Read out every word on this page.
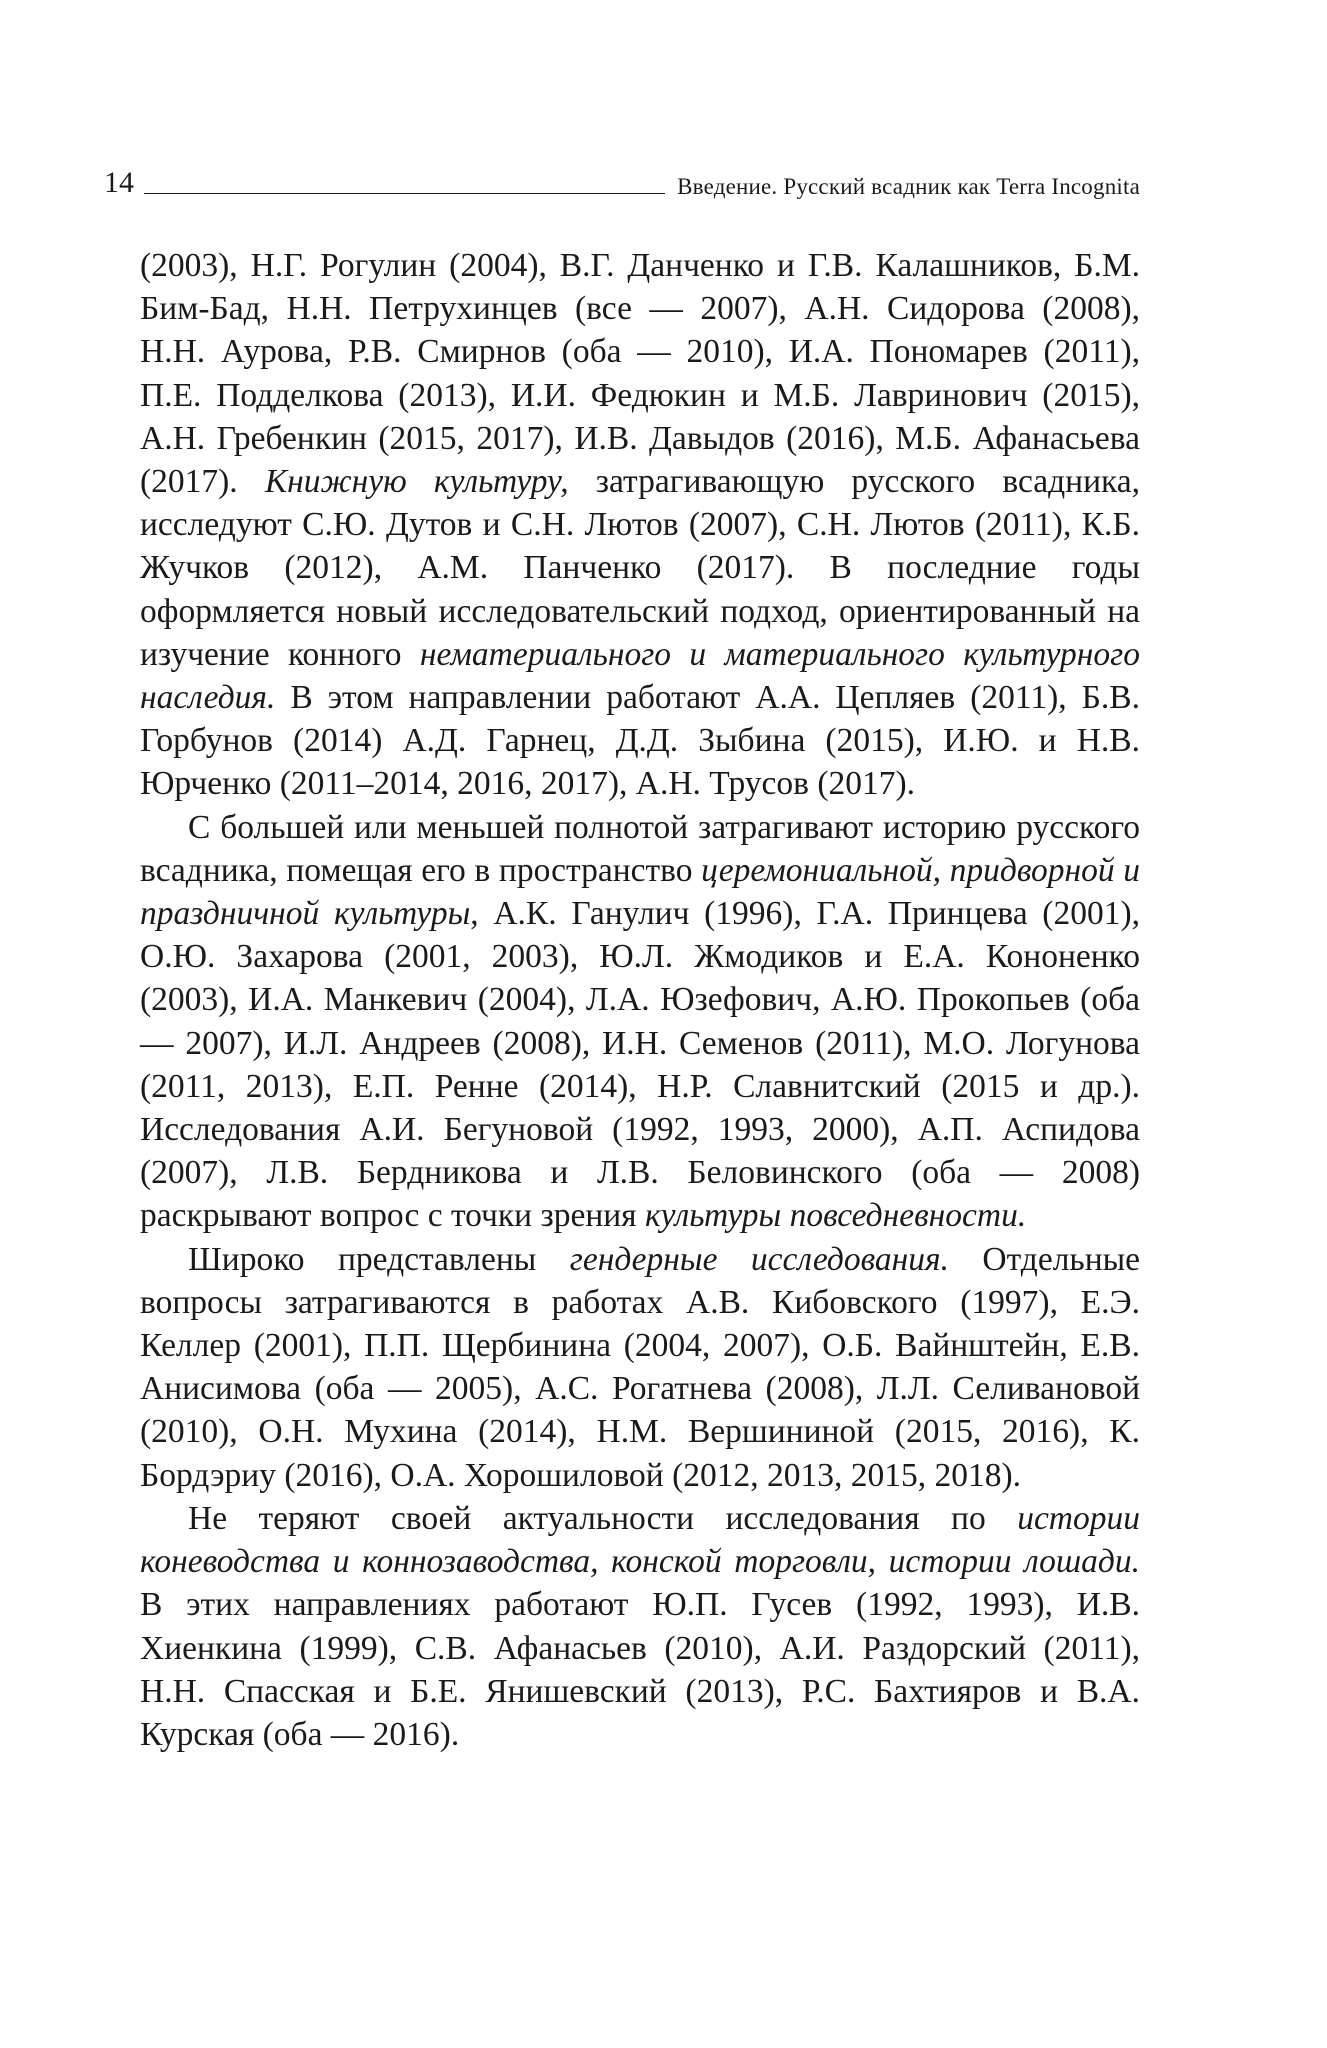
14	Введение. Русский всадник как Terra Incognita

(2003), Н.Г. Рогулин (2004), В.Г. Данченко и Г.В. Калашников, Б.М. Бим-Бад, Н.Н. Петрухинцев (все — 2007), А.Н. Сидорова (2008), Н.Н. Аурова, Р.В. Смирнов (оба — 2010), И.А. Пономарев (2011), П.Е. Подделкова (2013), И.И. Федюкин и М.Б. Лавринович (2015), А.Н. Гребенкин (2015, 2017), И.В. Давыдов (2016), М.Б. Афанасьева (2017). Книжную культуру, затрагивающую русского всадника, исследуют С.Ю. Дутов и С.Н. Лютов (2007), С.Н. Лютов (2011), К.Б. Жучков (2012), А.М. Панченко (2017). В последние годы оформляется новый исследовательский подход, ориентированный на изучение конного нематериального и материального культурного наследия. В этом направлении работают А.А. Цепляев (2011), Б.В. Горбунов (2014) А.Д. Гарнец, Д.Д. Зыбина (2015), И.Ю. и Н.В. Юрченко (2011–2014, 2016, 2017), А.Н. Трусов (2017).

С большей или меньшей полнотой затрагивают историю русского всадника, помещая его в пространство церемониальной, придворной и праздничной культуры, А.К. Ганулич (1996), Г.А. Принцева (2001), О.Ю. Захарова (2001, 2003), Ю.Л. Жмодиков и Е.А. Кононенко (2003), И.А. Манкевич (2004), Л.А. Юзефович, А.Ю. Прокопьев (оба — 2007), И.Л. Андреев (2008), И.Н. Семенов (2011), М.О. Логунова (2011, 2013), Е.П. Ренне (2014), Н.Р. Славнитский (2015 и др.). Исследования А.И. Бегуновой (1992, 1993, 2000), А.П. Аспидова (2007), Л.В. Бердникова и Л.В. Беловинского (оба — 2008) раскрывают вопрос с точки зрения культуры повседневности.

Широко представлены гендерные исследования. Отдельные вопросы затрагиваются в работах А.В. Кибовского (1997), Е.Э. Келлер (2001), П.П. Щербинина (2004, 2007), О.Б. Вайнштейн, Е.В. Анисимова (оба — 2005), А.С. Рогатнева (2008), Л.Л. Селивановой (2010), О.Н. Мухина (2014), Н.М. Вершининой (2015, 2016), К. Бордэриу (2016), О.А. Хорошиловой (2012, 2013, 2015, 2018).

Не теряют своей актуальности исследования по истории коневодства и коннозаводства, конской торговли, истории лошади. В этих направлениях работают Ю.П. Гусев (1992, 1993), И.В. Хиенкина (1999), С.В. Афанасьев (2010), А.И. Раздорский (2011), Н.Н. Спасская и Б.Е. Янишевский (2013), Р.С. Бахтияров и В.А. Курская (оба — 2016).
